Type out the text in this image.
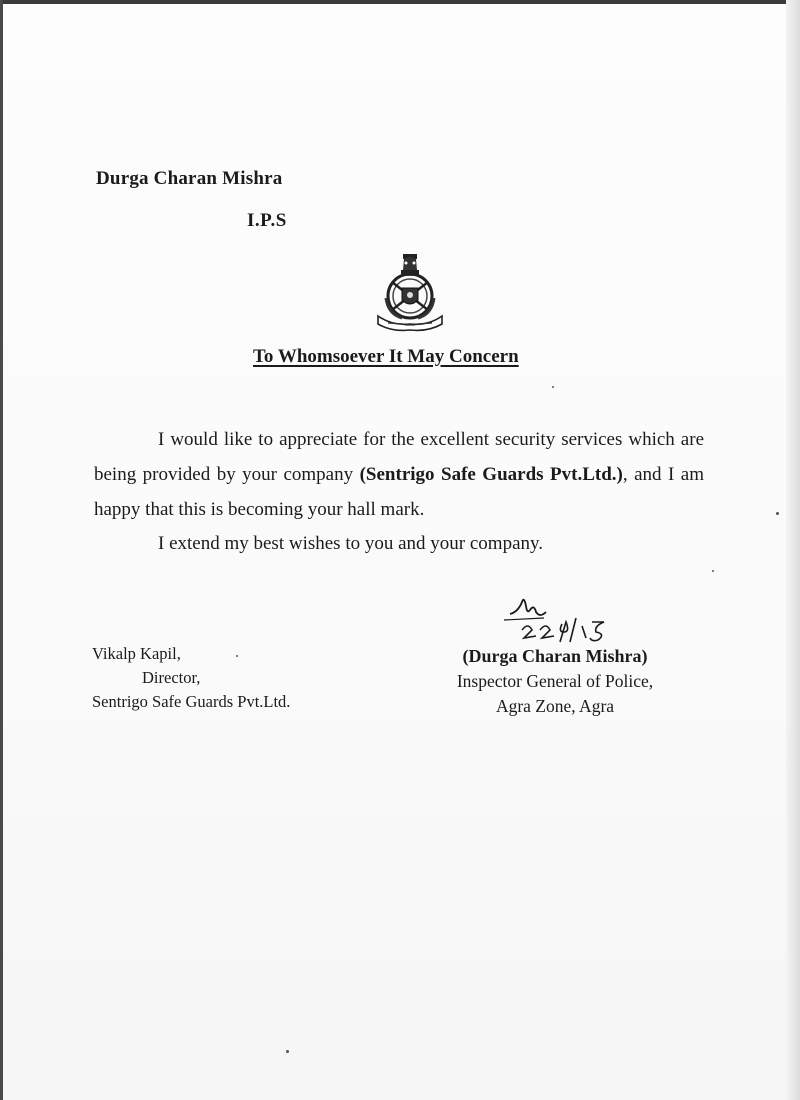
Durga Charan Mishra
I.P.S
To Whomsoever It May Concern

I would like to appreciate for the excellent security services which are being provided by your company (Sentrigo Safe Guards Pvt.Ltd.), and I am happy that this is becoming your hall mark.

I extend my best wishes to you and your company.
Vikalp Kapil,
Director,
Sentrigo Safe Guards Pvt.Ltd.
(Durga Charan Mishra)
Inspector General of Police,
Agra Zone, Agra
